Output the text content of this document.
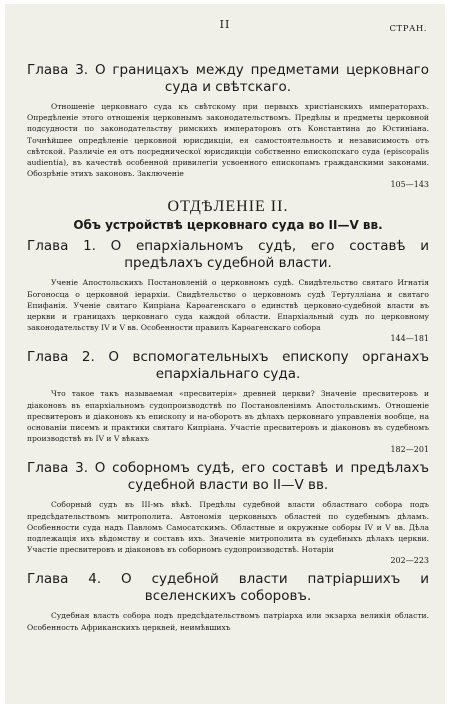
II	СТРАН.

Глава 3. О границахъ между предметами церковнаго суда и свѣтскаго.

Отношеніе церковнаго суда къ свѣтскому при первыхъ христіанскихъ императорахъ. Опредѣленіе этого отношенія церковнымъ законодательствомъ. Предѣлы и предметы церковной подсудности по законодательству римскихъ императоровъ отъ Константина до Юстиніана. Точнѣйшее опредѣленіе церковной юрисдикціи, ея самостоятельность и независимость отъ свѣтской. Различіе ея отъ посредническої юрисдикціи собственно епископскаго суда (episcopalis audientia), въ качествѣ особенной привилегіи усвоенного епископамъ гражданскими законами. Обозрѣніе этихъ законовъ. Заключеніе

105—143

ОТДѢЛЕНІЕ II.
Объ устройствѣ церковнаго суда во II—V вв.

Глава 1. О епархіальномъ судѣ, его составѣ и предѣлахъ судебной власти.

Ученіе Апостольскихъ Постановленій о церковномъ судѣ. Свидѣтельство святаго Игнатія Богоносца о церковной іерархіи. Свидѣтельство о церковномъ судѣ Тертулліана и святаго Епифанія. Ученіе святаго Кипріана Карѳагенскаго о единствѣ церковно-судебной власти въ церкви и границахъ церковнаго суда каждой области. Епархіальный судъ по церковному законодательству IV и V вв. Особенности правилъ Карѳагенскаго собора

144—181

Глава 2. О вспомогательныхъ епископу органахъ епархіальнаго суда.

Что такое такъ называемая «пресвитерія» древней церкви? Значеніе пресвитеровъ и діаконовъ въ епархіальномъ судопроизводствѣ по Постановленіямъ Апостольскимъ. Отношеніе пресвитеровъ и діаконовъ къ епископу и на-оборотъ въ дѣлахъ церковнаго управленія вообще, на основаніи писемъ и практики святаго Кипріана. Участіе пресвитеровъ и діаконовъ въ судебномъ производствѣ въ IV и V вѣкахъ

182—201

Глава 3. О соборномъ судѣ, его составѣ и предѣлахъ судебной власти во II—V вв.

Соборный судъ въ III-мъ вѣкѣ. Предѣлы судебной власти областнаго собора подъ предсѣдательствомъ митрополита. Автономія церковныхъ областей по судебнымъ дѣламъ. Особенности суда надъ Павломъ Самосатскимъ. Областные и окружные соборы IV и V вв. Дѣла подлежащія ихъ вѣдомству и составъ ихъ. Значеніе митрополита въ судебныхъ дѣлахъ церкви. Участіе пресвитеровъ и діаконовъ въ соборномъ судопроизводствѣ. Нотаріи

202—223

Глава 4. О судебной власти патріаршихъ и вселенскихъ соборовъ.

Судебная власть собора подъ предсѣдательствомъ патріарха или экзарха великія области. Особенность Африканскихъ церквей, неимѣвшихъ
